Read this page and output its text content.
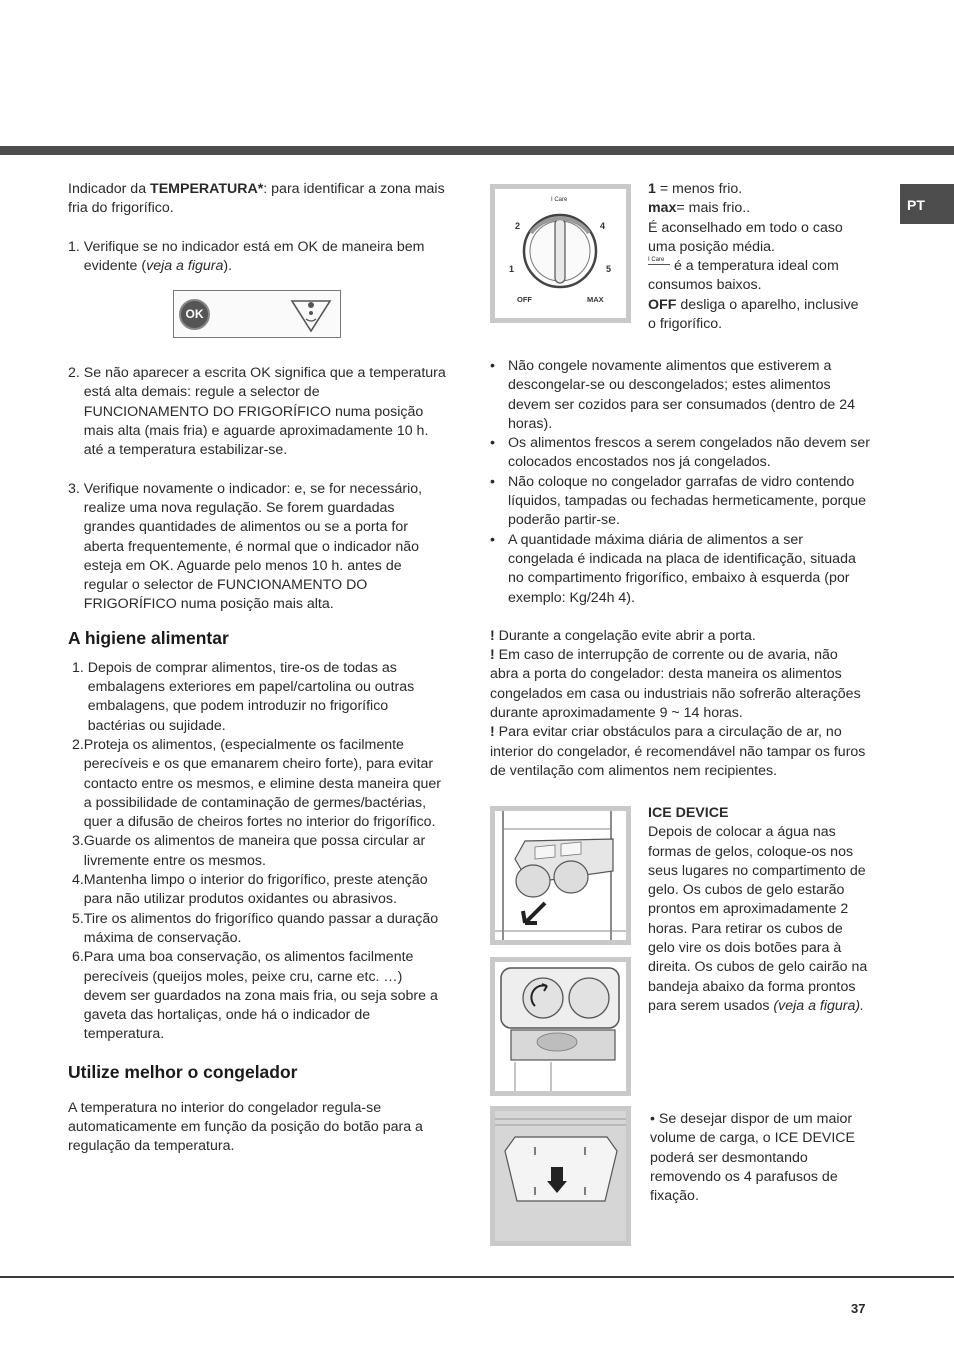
PT

Indicador da TEMPERATURA*: para identificar a zona mais fria do frigorífico.

1. Verifique se no indicador está em OK de maneira bem evidente (veja a figura).
OK
2. Se não aparecer a escrita OK significa que a temperatura está alta demais: regule a selector de FUNCIONAMENTO DO FRIGORÍFICO numa posição mais alta (mais fria) e aguarde aproximadamente 10 h. até a temperatura estabilizar-se.
3. Verifique novamente o indicador: e, se for necessário, realize uma nova regulação. Se forem guardadas grandes quantidades de alimentos ou se a porta for aberta frequentemente, é normal que o indicador não esteja em OK. Aguarde pelo menos 10 h. antes de regular o selector de FUNCIONAMENTO DO FRIGORÍFICO numa posição mais alta.
A higiene alimentar
1. Depois de comprar alimentos, tire-os de todas as embalagens exteriores em papel/cartolina ou outras embalagens, que podem introduzir no frigorífico bactérias ou sujidade.
2. Proteja os alimentos, (especialmente os facilmente perecíveis e os que emanarem cheiro forte), para evitar contacto entre os mesmos, e elimine desta maneira quer a possibilidade de contaminação de germes/bactérias, quer a difusão de cheiros fortes no interior do frigorífico.
3. Guarde os alimentos de maneira que possa circular ar livremente entre os mesmos.
4. Mantenha limpo o interior do frigorífico, preste atenção para não utilizar produtos oxidantes ou abrasivos.
5. Tire os alimentos do frigorífico quando passar a duração máxima de conservação.
6. Para uma boa conservação, os alimentos facilmente perecíveis (queijos moles, peixe cru, carne etc. …) devem ser guardados na zona mais fria, ou seja sobre a gaveta das hortaliças, onde há o indicador de temperatura.
Utilize melhor o congelador

A temperatura no interior do congelador regula-se automaticamente em função da posição do botão para a regulação da temperatura.

I Care
2	4
1	5
OFF	MAX

1 = menos frio.

max= mais frio..

É aconselhado em todo o caso uma posição média.

I Care é a temperatura ideal com consumos baixos.

OFF desliga o aparelho, inclusive o frigorífico.

• Não congele novamente alimentos que estiverem a descongelar-se ou descongelados; estes alimentos devem ser cozidos para ser consumados (dentro de 24 horas).
• Os alimentos frescos a serem congelados não devem ser colocados encostados nos já congelados.
• Não coloque no congelador garrafas de vidro contendo líquidos, tampadas ou fechadas hermeticamente, porque poderão partir-se.
• A quantidade máxima diária de alimentos a ser congelada é indicada na placa de identificação, situada no compartimento frigorífico, embaixo à esquerda (por exemplo: Kg/24h 4).

! Durante a congelação evite abrir a porta.

! Em caso de interrupção de corrente ou de avaria, não abra a porta do congelador: desta maneira os alimentos congelados em casa ou industriais não sofrerão alterações durante aproximadamente 9 ~ 14 horas.

! Para evitar criar obstáculos para a circulação de ar, no interior do congelador, é recomendável não tampar os furos de ventilação com alimentos nem recipientes.

ICE DEVICE

Depois de colocar a água nas formas de gelos, coloque-os nos seus lugares no compartimento de gelo. Os cubos de gelo estarão prontos em aproximadamente 2 horas. Para retirar os cubos de gelo vire os dois botões para à direita. Os cubos de gelo cairão na bandeja abaixo da forma prontos para serem usados (veja a figura).

• Se desejar dispor de um maior volume de carga, o ICE DEVICE poderá ser desmontando removendo os 4 parafusos de fixação.
37
